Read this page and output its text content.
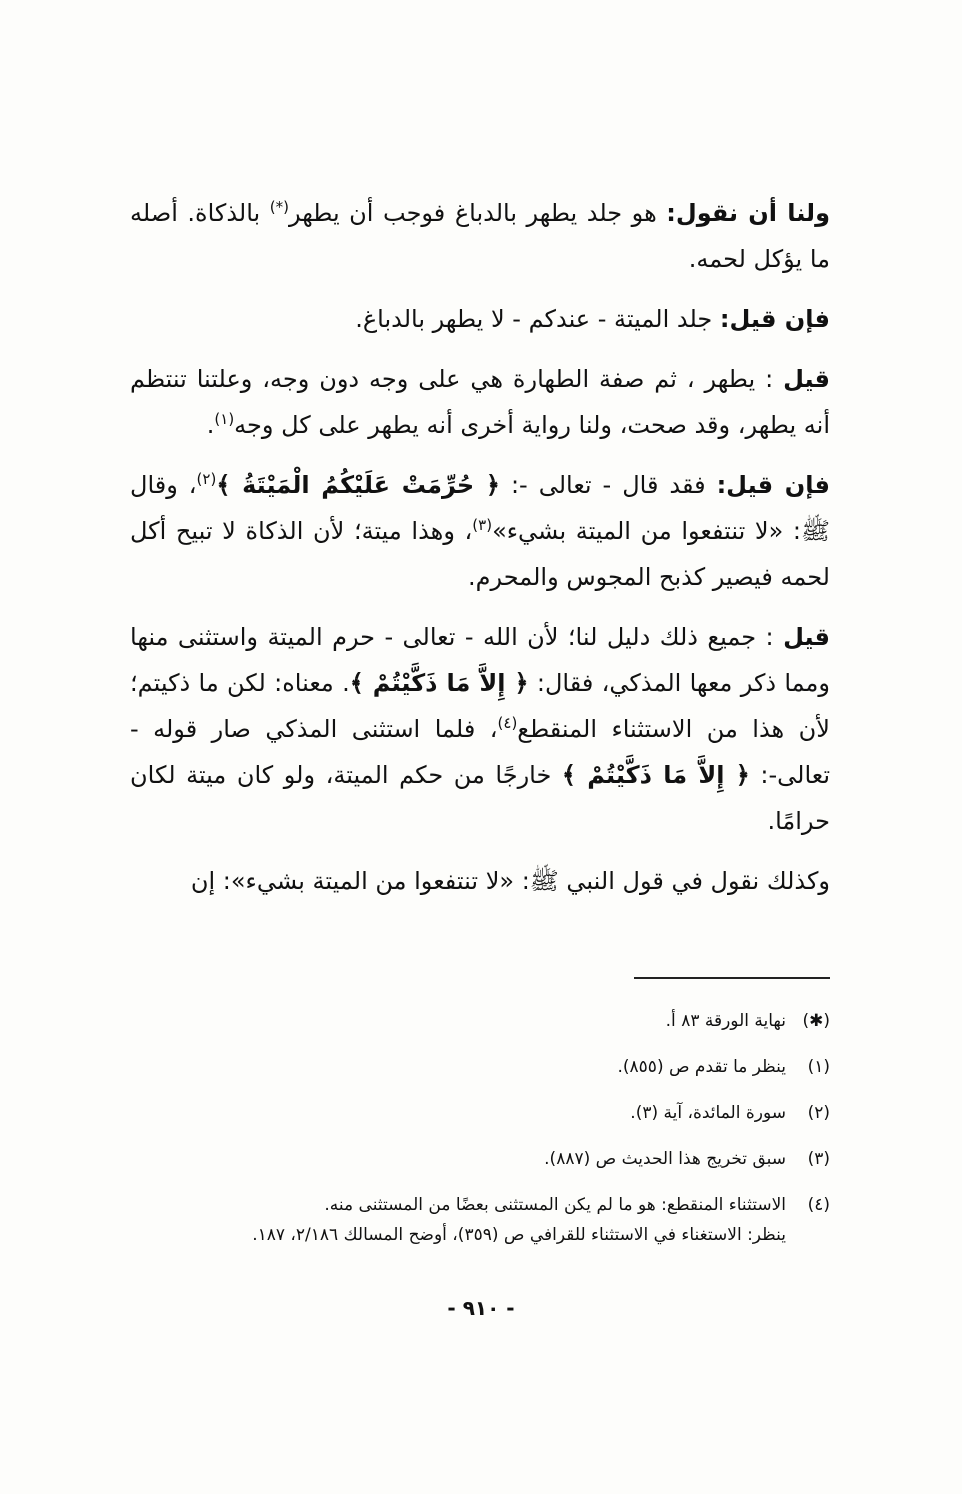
ولنا أن نقول: هو جلد يطهر بالدباغ فوجب أن يطهر(*) بالذكاة. أصله ما يؤكل لحمه.

فإن قيل: جلد الميتة - عندكم - لا يطهر بالدباغ.

قيل : يطهر ، ثم صفة الطهارة هي على وجه دون وجه، وعلتنا تنتظم أنه يطهر، وقد صحت، ولنا رواية أخرى أنه يطهر على كل وجه$^{(١)}$.

فإن قيل: فقد قال - تعالى -: ﴿ حُرِّمَتْ عَلَيْكُمُ الْمَيْتَةُ ﴾$^{(٢)}$، وقال ﷺ: «لا تنتفعوا من الميتة بشيء»$^{(٣)}$، وهذا ميتة؛ لأن الذكاة لا تبيح أكل لحمه فيصير كذبح المجوس والمحرم.

قيل : جميع ذلك دليل لنا؛ لأن الله - تعالى - حرم الميتة واستثنى منها ومما ذكر معها المذكي، فقال: ﴿ إِلاَّ مَا ذَكَّيْتُمْ ﴾. معناه: لكن ما ذكيتم؛ لأن هذا من الاستثناء المنقطع$^{(٤)}$، فلما استثنى المذكي صار قوله - تعالى-: ﴿ إِلاَّ مَا ذَكَّيْتُمْ ﴾ خارجًا من حكم الميتة، ولو كان ميتة لكان حرامًا.

وكذلك نقول في قول النبي ﷺ: «لا تنتفعوا من الميتة بشيء»: إن

(✱)
نهاية الورقة ٨٣ أ.
(١)
ينظر ما تقدم ص (٨٥٥).
(٢)
سورة المائدة، آية (٣).
(٣)
سبق تخريج هذا الحديث ص (٨٨٧).
(٤)
الاستثناء المنقطع: هو ما لم يكن المستثنى بعضًا من المستثنى منه.
ينظر: الاستغناء في الاستثناء للقرافي ص (٣٥٩)، أوضح المسالك ٢/١٨٦، ١٨٧.
- ٩١٠ -
